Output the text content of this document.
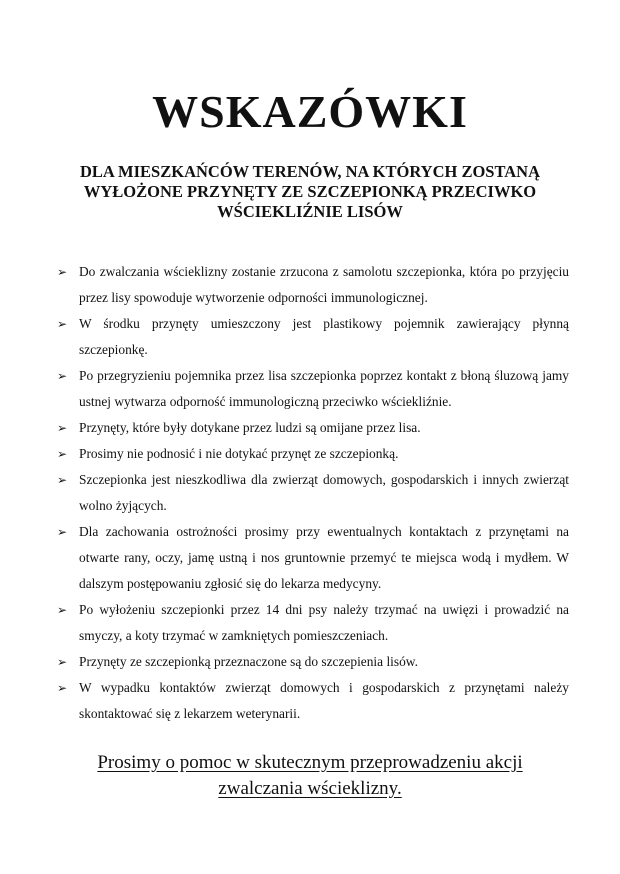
WSKAZÓWKI
DLA MIESZKAŃCÓW TERENÓW, NA KTÓRYCH ZOSTANĄ
WYŁOŻONE PRZYNĘTY ZE SZCZEPIONKĄ PRZECIWKO
WŚCIEKLIŹNIE LISÓW
➢ Do zwalczania wścieklizny zostanie zrzucona z samolotu szczepionka, która po przyjęciu przez lisy spowoduje wytworzenie odporności immunologicznej.
➢ W środku przynęty umieszczony jest plastikowy pojemnik zawierający płynną szczepionkę.
➢ Po przegryzieniu pojemnika przez lisa szczepionka poprzez kontakt z błoną śluzową jamy ustnej wytwarza odporność immunologiczną przeciwko wściekliźnie.
➢ Przynęty, które były dotykane przez ludzi są omijane przez lisa.
➢ Prosimy nie podnosić i nie dotykać przynęt ze szczepionką.
➢ Szczepionka jest nieszkodliwa dla zwierząt domowych, gospodarskich i innych zwierząt wolno żyjących.
➢ Dla zachowania ostrożności prosimy przy ewentualnych kontaktach z przynętami na otwarte rany, oczy, jamę ustną i nos gruntownie przemyć te miejsca wodą i mydłem. W dalszym postępowaniu zgłosić się do lekarza medycyny.
➢ Po wyłożeniu szczepionki przez 14 dni psy należy trzymać na uwięzi i prowadzić na smyczy, a koty trzymać w zamkniętych pomieszczeniach.
➢ Przynęty ze szczepionką przeznaczone są do szczepienia lisów.
➢ W wypadku kontaktów zwierząt domowych i gospodarskich z przynętami należy skontaktować się z lekarzem weterynarii.
Prosimy o pomoc w skutecznym przeprowadzeniu akcji
zwalczania wścieklizny.
